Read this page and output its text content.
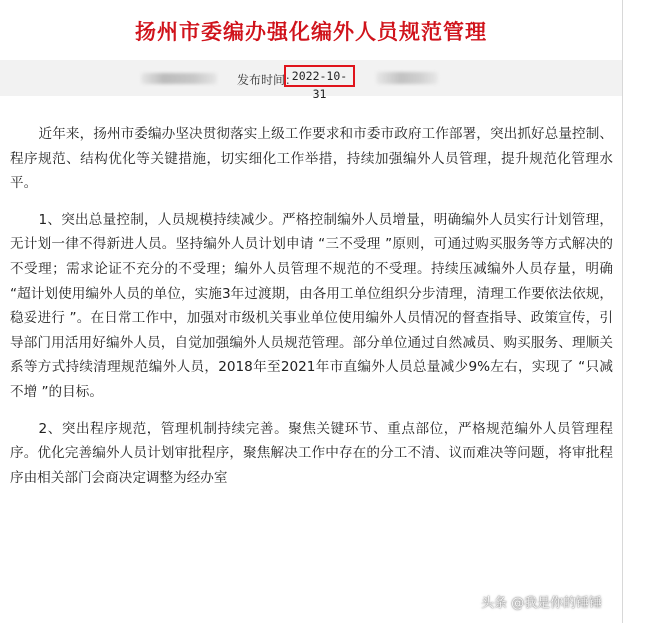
扬州市委编办强化编外人员规范管理
发布时间：
2022-10-31

近年来，扬州市委编办坚决贯彻落实上级工作要求和市委市政府工作部署，突出抓好总量控制、程序规范、结构优化等关键措施，切实细化工作举措，持续加强编外人员管理，提升规范化管理水平。

1、突出总量控制，人员规模持续减少。严格控制编外人员增量，明确编外人员实行计划管理，无计划一律不得新进人员。坚持编外人员计划申请 “三不受理 ”原则，可通过购买服务等方式解决的不受理；需求论证不充分的不受理；编外人员管理不规范的不受理。持续压减编外人员存量，明确 “超计划使用编外人员的单位，实施3年过渡期，由各用工单位组织分步清理，清理工作要依法依规，稳妥进行 ”。在日常工作中，加强对市级机关事业单位使用编外人员情况的督查指导、政策宣传，引导部门用活用好编外人员，自觉加强编外人员规范管理。部分单位通过自然减员、购买服务、理顺关系等方式持续清理规范编外人员，2018年至2021年市直编外人员总量减少9%左右，实现了 “只减不增 ”的目标。

2、突出程序规范，管理机制持续完善。聚焦关键环节、重点部位，严格规范编外人员管理程序。优化完善编外人员计划审批程序，聚焦解决工作中存在的分工不清、议而难决等问题，将审批程序由相关部门会商决定调整为经办室

头条 @我是你的锤锤
